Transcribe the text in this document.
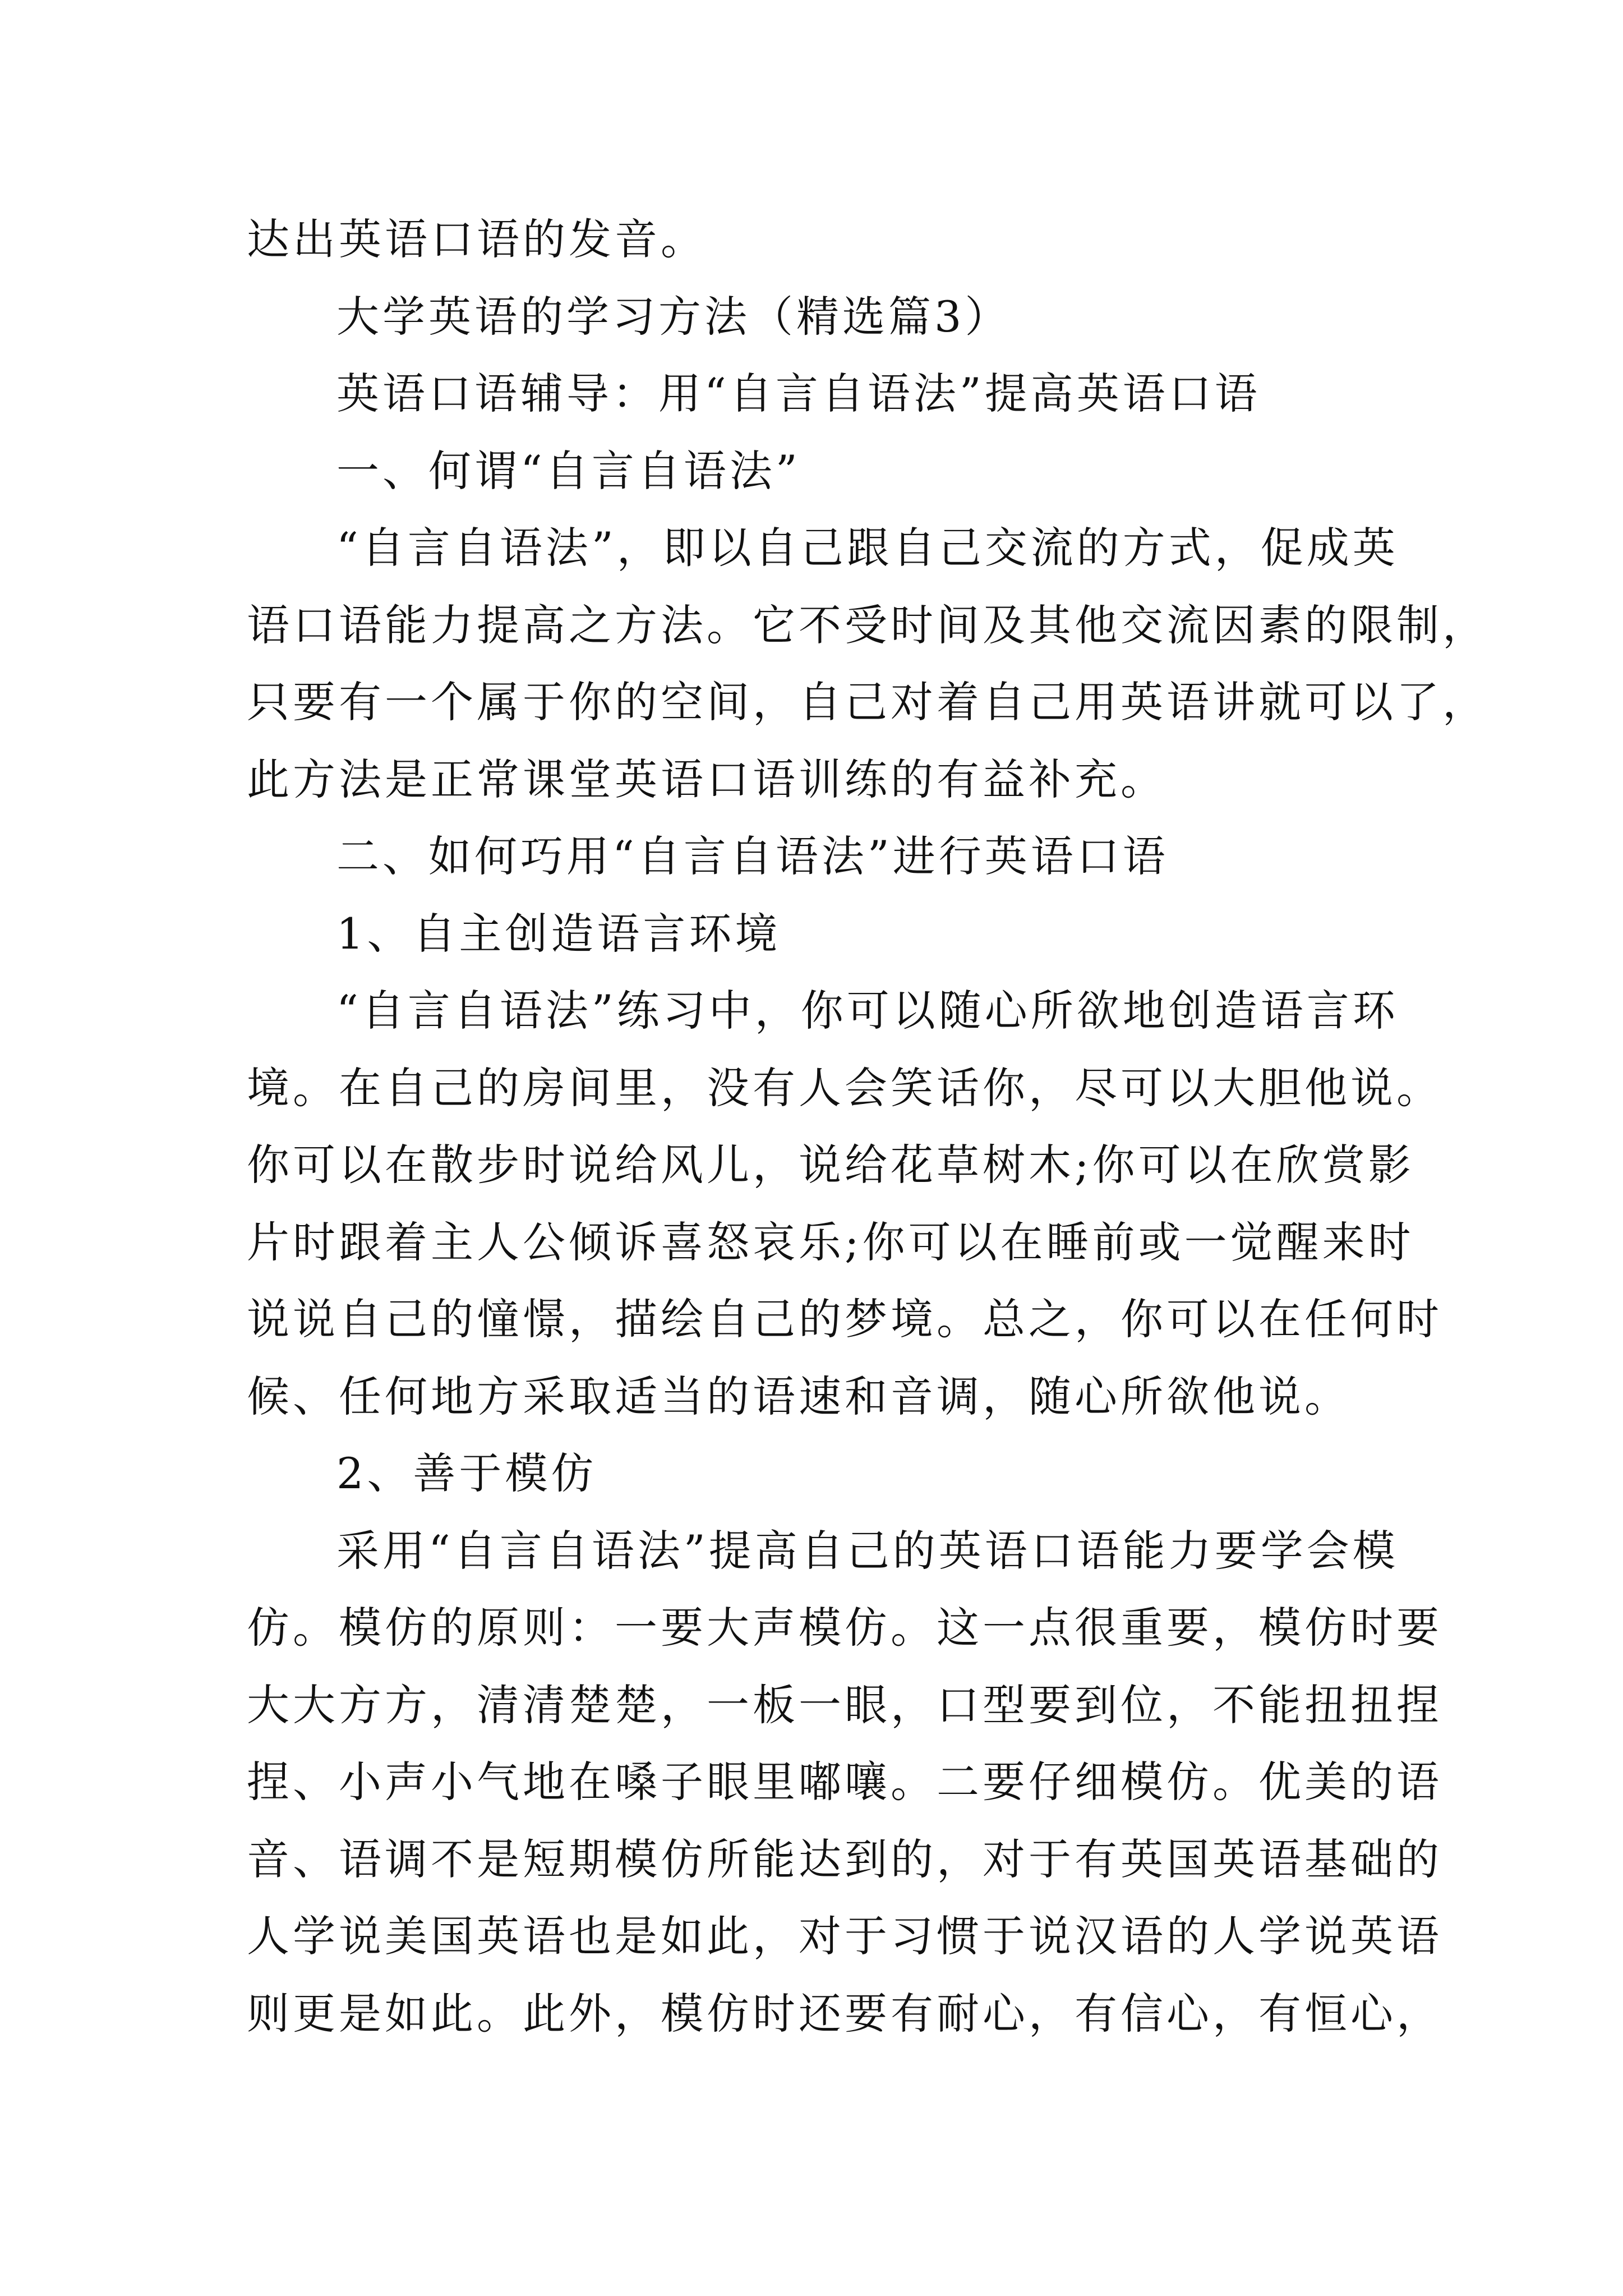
达出英语口语的发音。
大学英语的学习方法（精选篇3）
英语口语辅导：用“自言自语法”提高英语口语
一、何谓“自言自语法”
“自言自语法”，即以自己跟自己交流的方式，促成英
语口语能力提高之方法。它不受时间及其他交流因素的限制，
只要有一个属于你的空间，自己对着自己用英语讲就可以了，
此方法是正常课堂英语口语训练的有益补充。
二、如何巧用“自言自语法”进行英语口语
1、自主创造语言环境
“自言自语法”练习中，你可以随心所欲地创造语言环
境。在自己的房间里，没有人会笑话你，尽可以大胆他说。
你可以在散步时说给风儿，说给花草树木;你可以在欣赏影
片时跟着主人公倾诉喜怒哀乐;你可以在睡前或一觉醒来时
说说自己的憧憬，描绘自己的梦境。总之，你可以在任何时
候、任何地方采取适当的语速和音调，随心所欲他说。
2、善于模仿
采用“自言自语法”提高自己的英语口语能力要学会模
仿。模仿的原则：一要大声模仿。这一点很重要，模仿时要
大大方方，清清楚楚，一板一眼，口型要到位，不能扭扭捏
捏、小声小气地在嗓子眼里嘟嚷。二要仔细模仿。优美的语
音、语调不是短期模仿所能达到的，对于有英国英语基础的
人学说美国英语也是如此，对于习惯于说汉语的人学说英语
则更是如此。此外，模仿时还要有耐心，有信心，有恒心，
